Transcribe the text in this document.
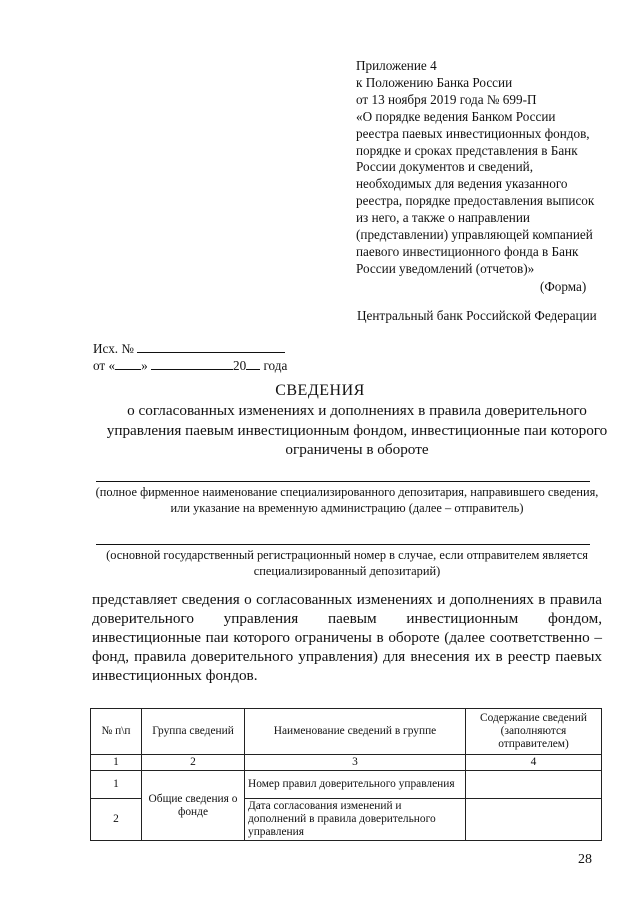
Приложение 4
к Положению Банка России
от 13 ноября 2019 года № 699-П
«О порядке ведения Банком России
реестра паевых инвестиционных фондов,
порядке и сроках представления в Банк
России документов и сведений,
необходимых для ведения указанного
реестра, порядке предоставления выписок
из него, а также о направлении
(представлении) управляющей компанией
паевого инвестиционного фонда в Банк
России уведомлений (отчетов)»
(Форма)
Центральный банк Российской Федерации
Исх. №
от « »	20 года
СВЕДЕНИЯ
о согласованных изменениях и дополнениях в правила доверительного управления паевым инвестиционным фондом, инвестиционные паи которого ограничены в обороте
(полное фирменное наименование специализированного депозитария, направившего сведения, или указание на временную администрацию (далее – отправитель)
(основной государственный регистрационный номер в случае, если отправителем является специализированный депозитарий)
представляет сведения о согласованных изменениях и дополнениях в правила
доверительного управления паевым инвестиционным фондом,
инвестиционные паи которого ограничены в обороте (далее соответственно –
фонд, правила доверительного управления) для внесения их в реестр паевых
инвестиционных фондов.
№ п\п	Группа сведений	Наименование сведений в группе	Содержание сведений (заполняются отправителем)
1	2	3	4
1	Общие сведения о фонде	Номер правил доверительного управления	
2		Дата согласования изменений и дополнений в правила доверительного управления	
28
